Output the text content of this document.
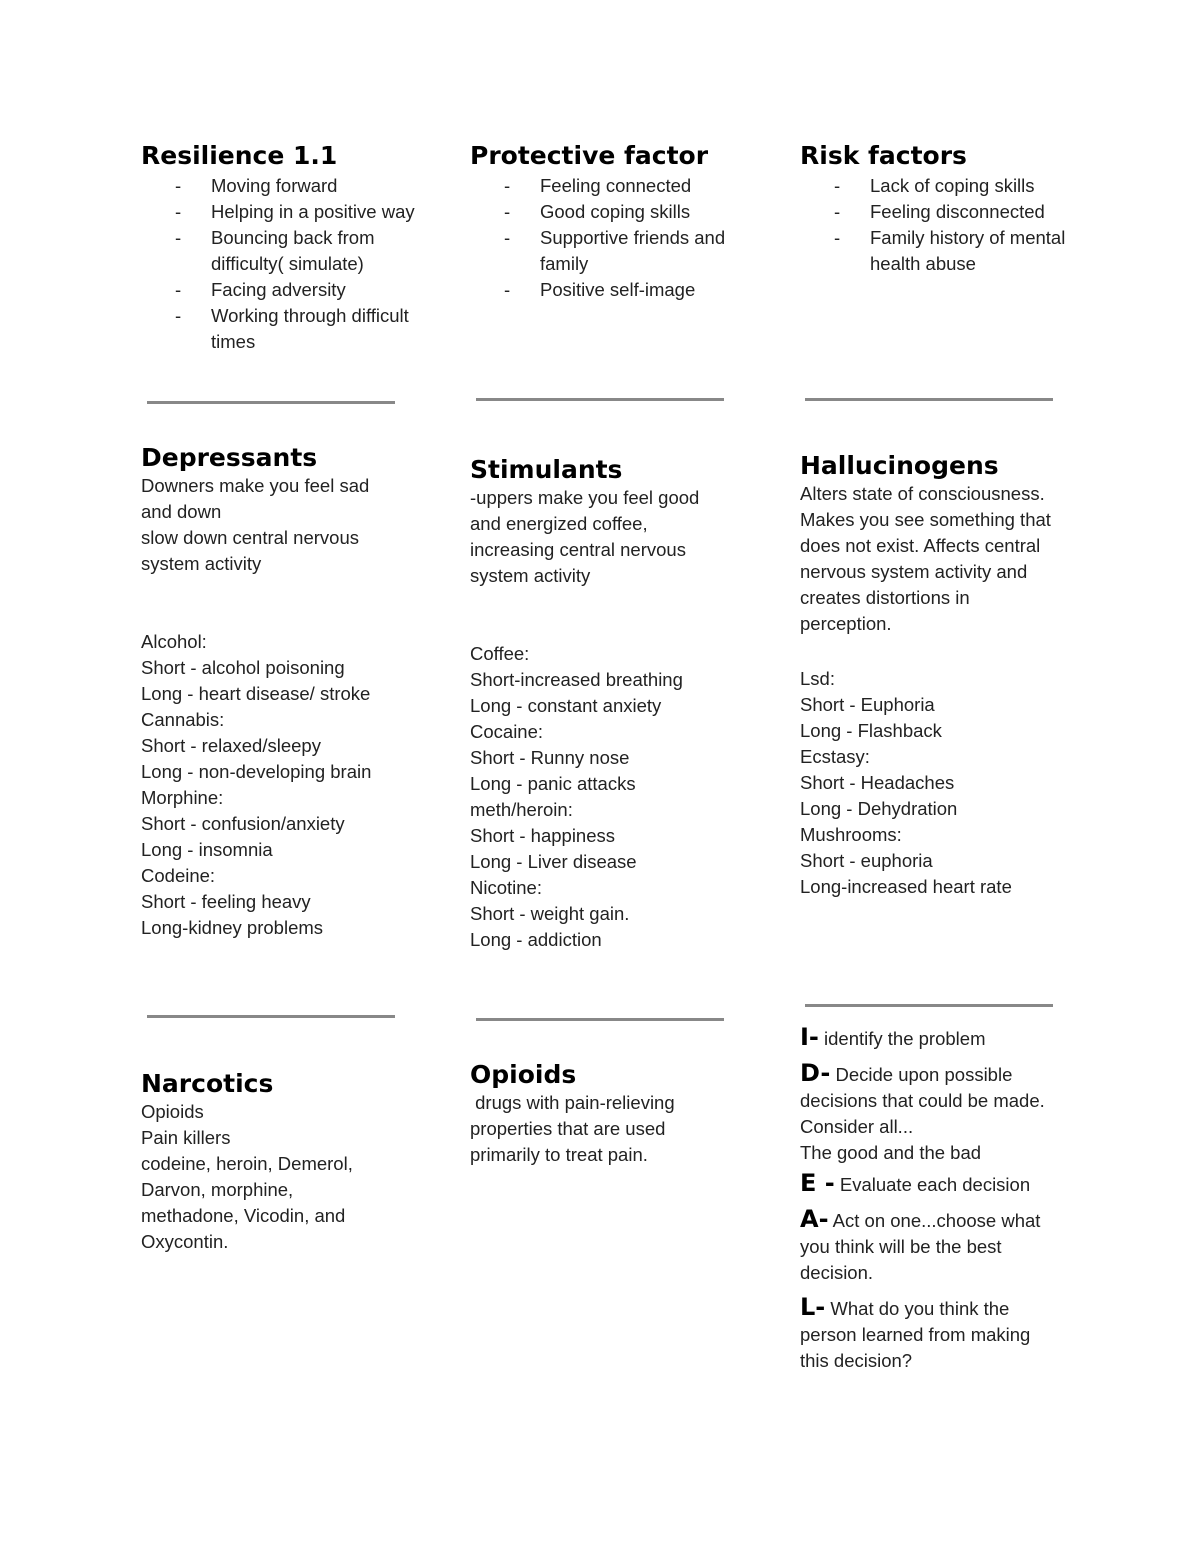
Resilience 1.1
- Moving forward
- Helping in a positive way
- Bouncing back from difficulty( simulate)
- Facing adversity
- Working through difficult times
Protective factor
- Feeling connected
- Good coping skills
- Supportive friends and family
- Positive self-image
Risk factors
- Lack of coping skills
- Feeling disconnected
- Family history of mental health abuse
Depressants
Downers make you feel sad and down
slow down central nervous system activity
Alcohol:
Short - alcohol poisoning
Long - heart disease/ stroke
Cannabis:
Short - relaxed/sleepy
Long - non-developing brain
Morphine:
Short - confusion/anxiety
Long - insomnia
Codeine:
Short - feeling heavy
Long-kidney problems
Stimulants
-uppers make you feel good and energized coffee, increasing central nervous system activity
Coffee:
Short-increased breathing
Long - constant anxiety
Cocaine:
Short - Runny nose
Long - panic attacks
meth/heroin:
Short - happiness
Long - Liver disease
Nicotine:
Short - weight gain.
Long - addiction
Hallucinogens
Alters state of consciousness. Makes you see something that does not exist. Affects central nervous system activity and creates distortions in perception.
Lsd:
Short - Euphoria
Long - Flashback
Ecstasy:
Short - Headaches
Long - Dehydration
Mushrooms:
Short - euphoria
Long-increased heart rate
Narcotics
Opioids
Pain killers
codeine, heroin, Demerol, Darvon, morphine, methadone, Vicodin, and Oxycontin.
Opioids
drugs with pain-relieving properties that are used primarily to treat pain.
I- identify the problem
D- Decide upon possible decisions that could be made. Consider all...
The good and the bad
E - Evaluate each decision
A- Act on one...choose what you think will be the best decision.
L- What do you think the person learned from making this decision?
